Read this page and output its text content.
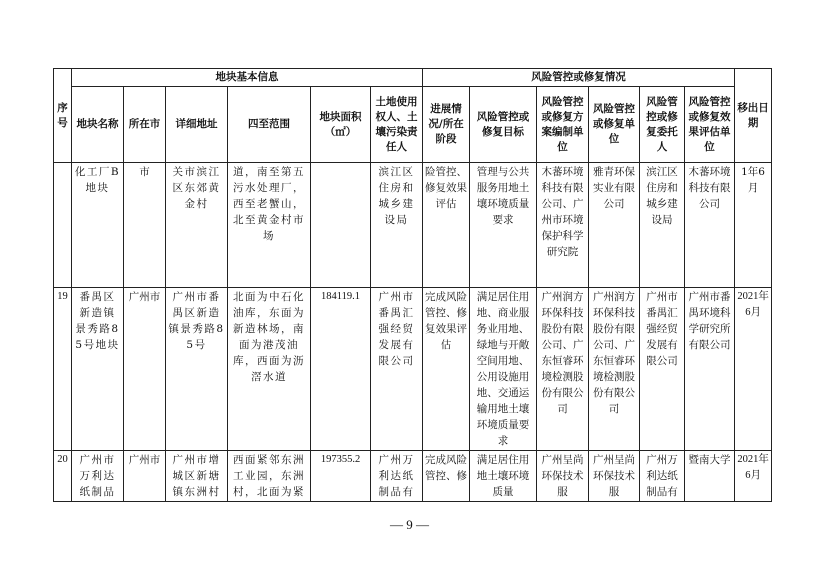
序号	地块基本信息						风险管控或修复情况						移出日期
	地块名称	所在市	详细地址	四至范围	地块面积（㎡）	土地使用权人、土壤污染责任人	进展情况/所在阶段	风险管控或修复目标	风险管控或修复方案编制单位	风险管控或修复单位	风险管控或修复委托人	风险管控或修复效果评估单位	
	化工厂B地块	市	关市滨江区东郊黄金村	道，南至第五污水处理厂，西至老蟹山，北至黄金村市场		滨江区住房和城乡建设局	险管控、修复效果评估	管理与公共服务用地土壤环境质量要求	木蕃环境科技有限公司、广州市环境保护科学研究院	雅青环保实业有限公司	滨江区住房和城乡建设局	木蕃环境科技有限公司	1年6月
19	番禺区新造镇景秀路85号地块	广州市	广州市番禺区新造镇景秀路85号	北面为中石化油库，东面为新造林场，南面为港茂油库，西面为沥滘水道	184119.1	广州市番禺汇强经贸发展有限公司	完成风险管控、修复效果评估	满足居住用地、商业服务业用地、绿地与开敞空间用地、公用设施用地、交通运输用地土壤环境质量要求	广州润方环保科技股份有限公司、广东恒睿环境检测股份有限公司	广州润方环保科技股份有限公司、广东恒睿环境检测股份有限公司	广州市番禺汇强经贸发展有限公司	广州市番禺环境科学研究所有限公司	2021年6月
20	广州市万利达纸制品	广州市	广州市增城区新塘镇东洲村	西面紧邻东洲工业园，东洲村，北面为紧	197355.2	广州万利达纸制品有	完成风险管控、修	满足居住用地土壤环境质量	广州呈尚环保技术服	广州呈尚环保技术服	广州万利达纸制品有	暨南大学	2021年6月
— 9 —
